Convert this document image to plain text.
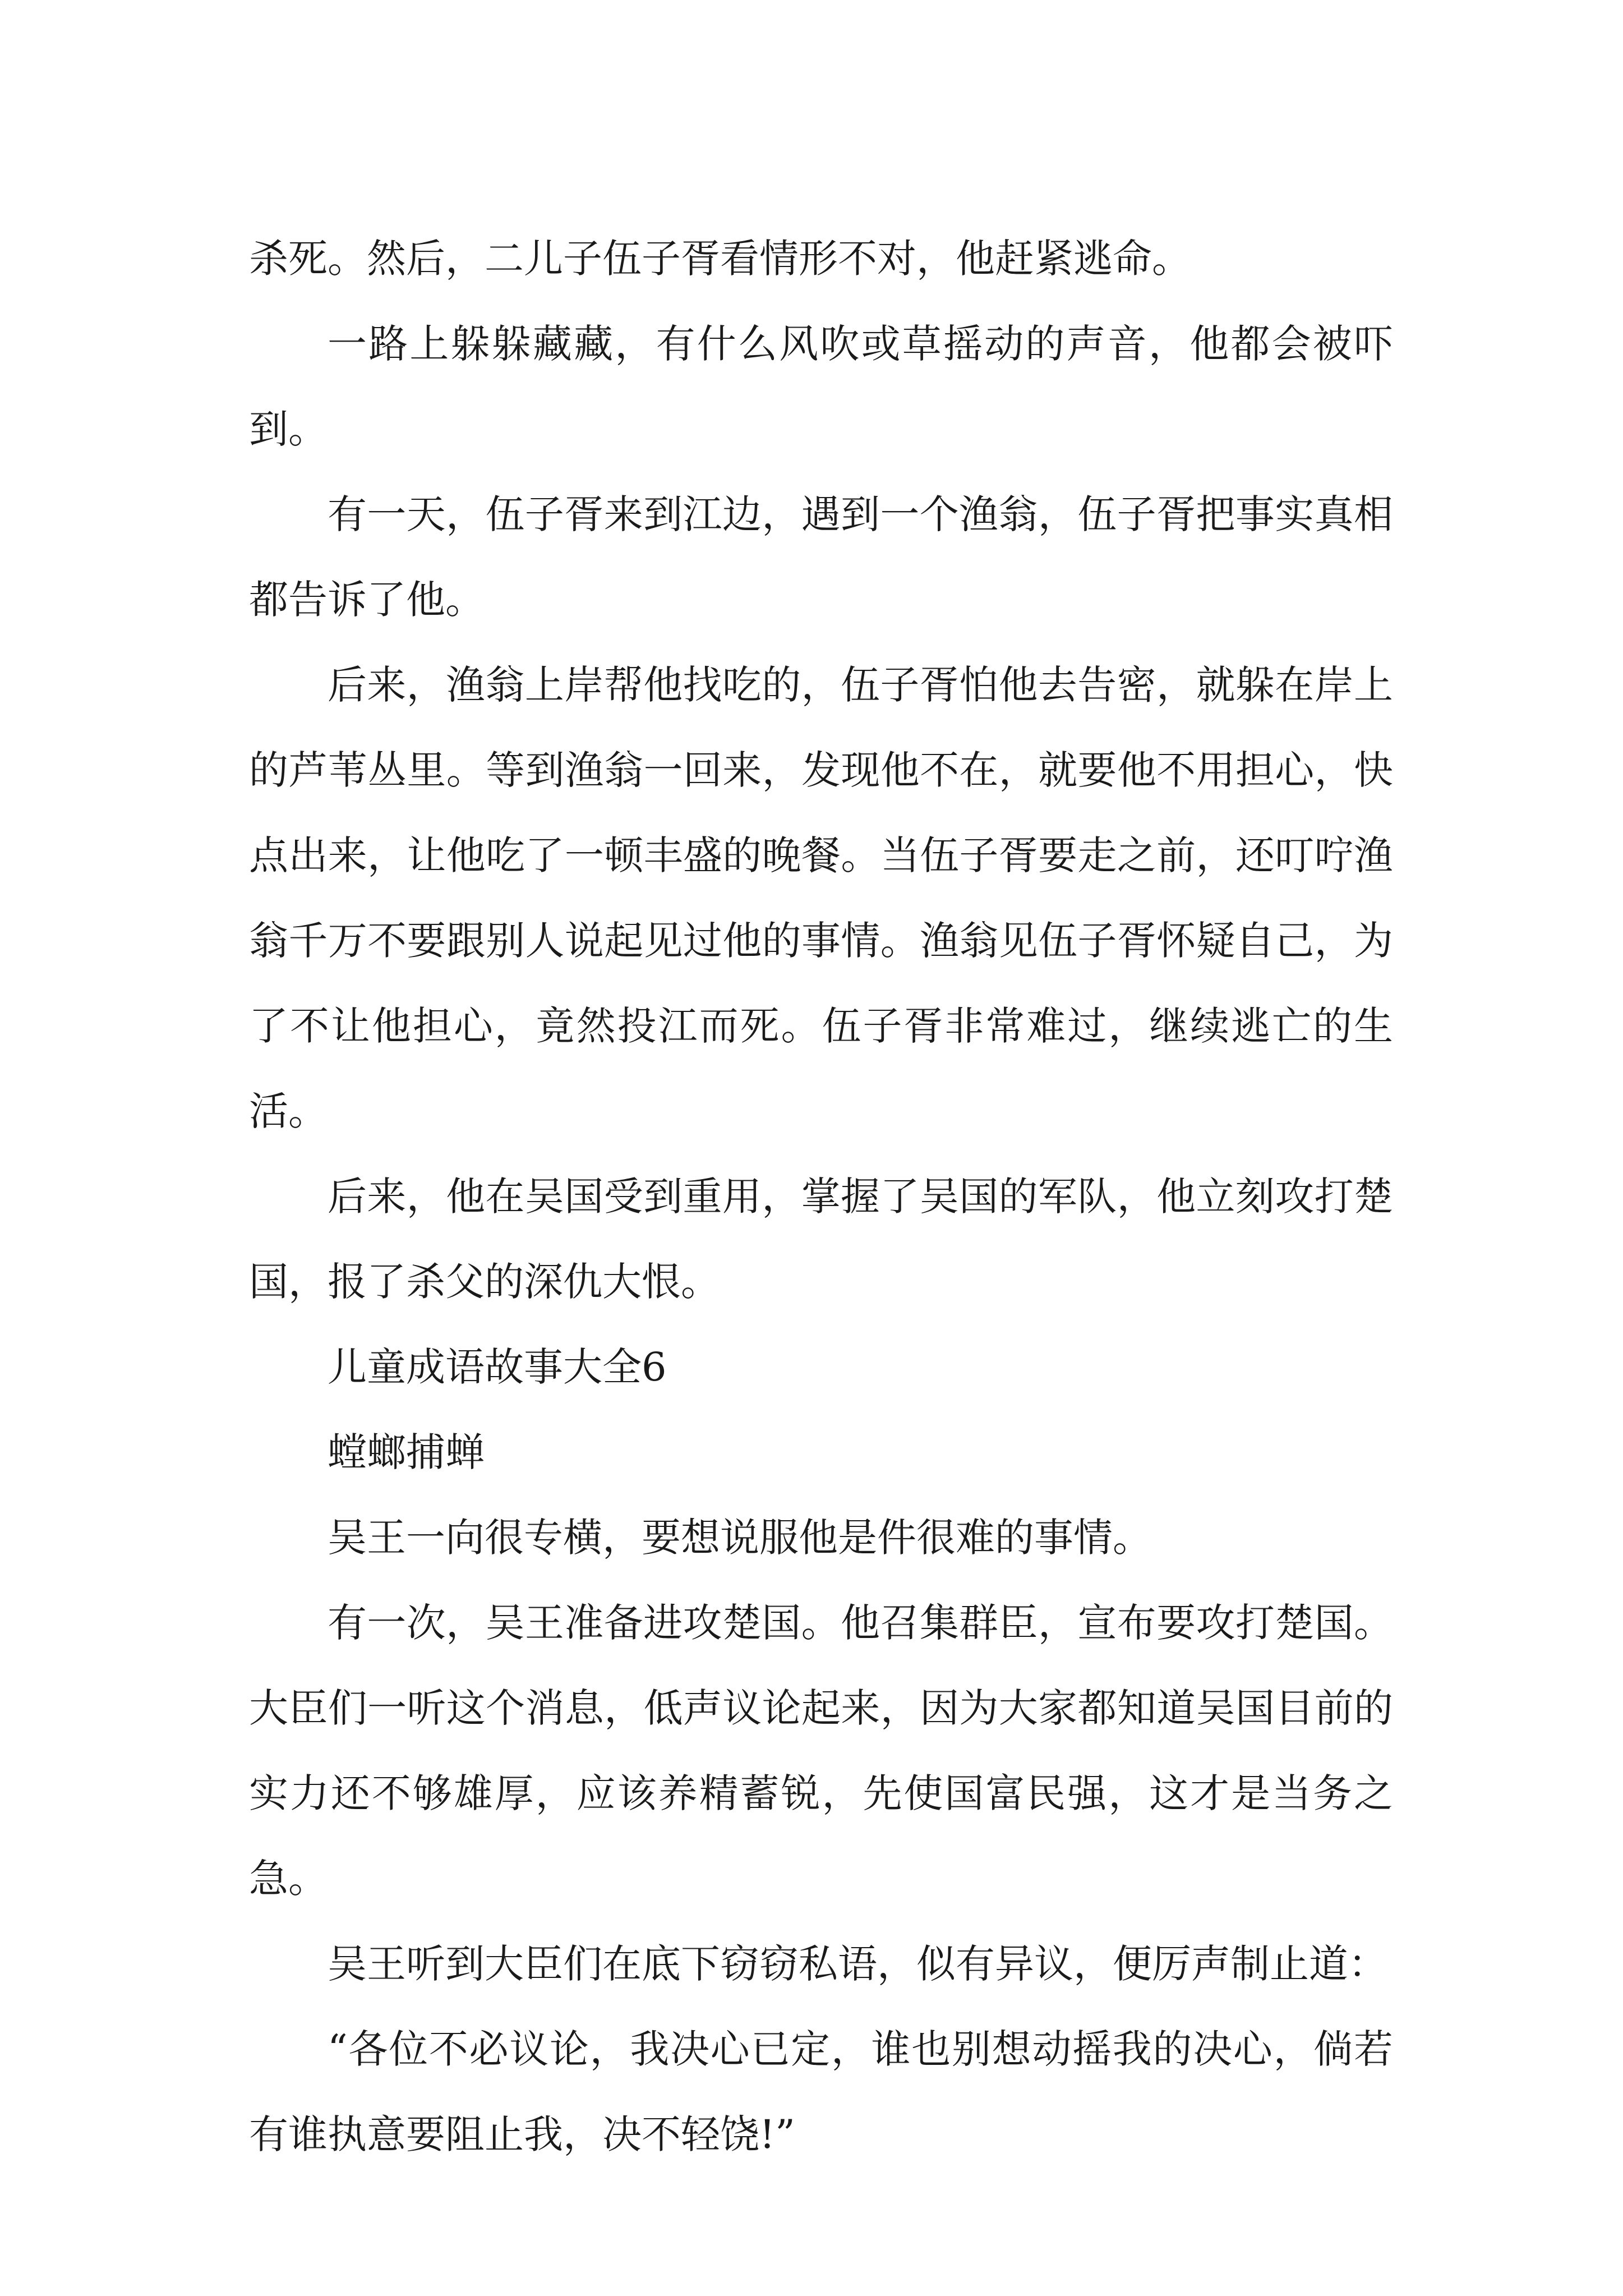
杀死。然后，二儿子伍子胥看情形不对，他赶紧逃命。

一路上躲躲藏藏，有什么风吹或草摇动的声音，他都会被吓到。

有一天，伍子胥来到江边，遇到一个渔翁，伍子胥把事实真相都告诉了他。

后来，渔翁上岸帮他找吃的，伍子胥怕他去告密，就躲在岸上的芦苇丛里。等到渔翁一回来，发现他不在，就要他不用担心，快点出来，让他吃了一顿丰盛的晚餐。当伍子胥要走之前，还叮咛渔翁千万不要跟别人说起见过他的事情。渔翁见伍子胥怀疑自己，为了不让他担心，竟然投江而死。伍子胥非常难过，继续逃亡的生活。

后来，他在吴国受到重用，掌握了吴国的军队，他立刻攻打楚国，报了杀父的深仇大恨。

儿童成语故事大全6

螳螂捕蝉

吴王一向很专横，要想说服他是件很难的事情。

有一次，吴王准备进攻楚国。他召集群臣，宣布要攻打楚国。大臣们一听这个消息，低声议论起来，因为大家都知道吴国目前的实力还不够雄厚，应该养精蓄锐，先使国富民强，这才是当务之急。

吴王听到大臣们在底下窃窃私语，似有异议，便厉声制止道：

“各位不必议论，我决心已定，谁也别想动摇我的决心，倘若有谁执意要阻止我，决不轻饶!”
